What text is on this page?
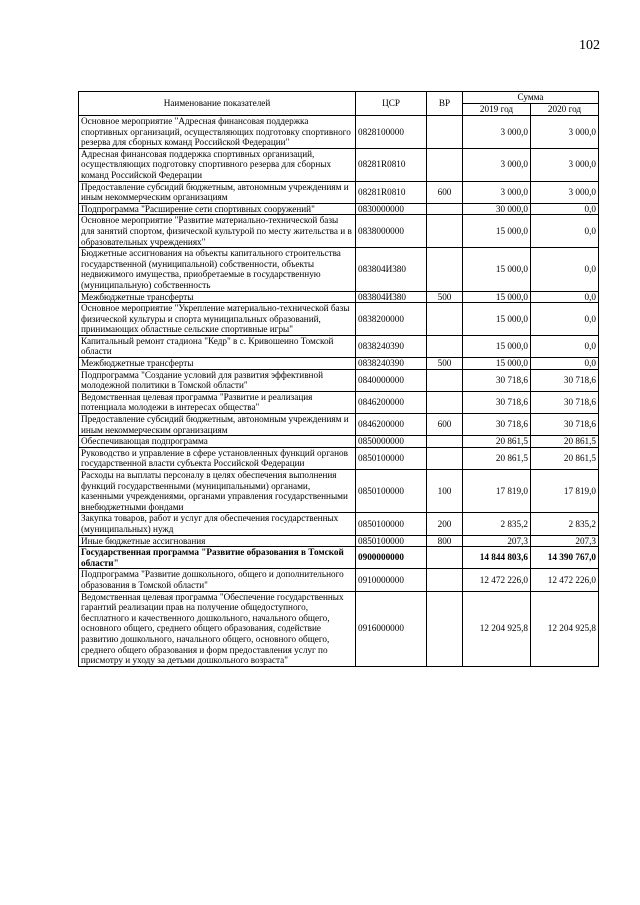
102
Наименование показателей	ЦСР	ВР	Сумма	
			2019 год	2020 год
Основное мероприятие "Адресная финансовая поддержка спортивных организаций, осуществляющих подготовку спортивного резерва для сборных команд Российской Федерации"	0828100000		3 000,0	3 000,0
Адресная финансовая поддержка спортивных организаций, осуществляющих подготовку спортивного резерва для сборных команд Российской Федерации	08281R0810		3 000,0	3 000,0
Предоставление субсидий бюджетным, автономным учреждениям и иным некоммерческим организациям	08281R0810	600	3 000,0	3 000,0
Подпрограмма "Расширение сети спортивных сооружений"	0830000000		30 000,0	0,0
Основное мероприятие "Развитие материально-технической базы для занятий спортом, физической культурой по месту жительства и в образовательных учреждениях"	0838000000		15 000,0	0,0
Бюджетные ассигнования на объекты капитального строительства государственной (муниципальной) собственности, объекты недвижимого имущества, приобретаемые в государственную (муниципальную) собственность	083804И380		15 000,0	0,0
Межбюджетные трансферты	083804И380	500	15 000,0	0,0
Основное мероприятие "Укрепление материально-технической базы физической культуры и спорта муниципальных образований, принимающих областные сельские спортивные игры"	0838200000		15 000,0	0,0
Капитальный ремонт стадиона "Кедр" в с. Кривошеино Томской области	0838240390		15 000,0	0,0
Межбюджетные трансферты	0838240390	500	15 000,0	0,0
Подпрограмма "Создание условий для развития эффективной молодежной политики в Томской области"	0840000000		30 718,6	30 718,6
Ведомственная целевая программа "Развитие и реализация потенциала молодежи в интересах общества"	0846200000		30 718,6	30 718,6
Предоставление субсидий бюджетным, автономным учреждениям и иным некоммерческим организациям	0846200000	600	30 718,6	30 718,6
Обеспечивающая подпрограмма	0850000000		20 861,5	20 861,5
Руководство и управление в сфере установленных функций органов государственной власти субъекта Российской Федерации	0850100000		20 861,5	20 861,5
Расходы на выплаты персоналу в целях обеспечения выполнения функций государственными (муниципальными) органами, казенными учреждениями, органами управления государственными внебюджетными фондами	0850100000	100	17 819,0	17 819,0
Закупка товаров, работ и услуг для обеспечения государственных (муниципальных) нужд	0850100000	200	2 835,2	2 835,2
Иные бюджетные ассигнования	0850100000	800	207,3	207,3
Государственная программа "Развитие образования в Томской области"	0900000000		14 844 803,6	14 390 767,0
Подпрограмма "Развитие дошкольного, общего и дополнительного образования в Томской области"	0910000000		12 472 226,0	12 472 226,0
Ведомственная целевая программа "Обеспечение государственных гарантий реализации прав на получение общедоступного, бесплатного и качественного дошкольного, начального общего, основного общего, среднего общего образования, содействие развитию дошкольного, начального общего, основного общего, среднего общего образования и форм предоставления услуг по присмотру и уходу за детьми дошкольного возраста"	0916000000		12 204 925,8	12 204 925,8
